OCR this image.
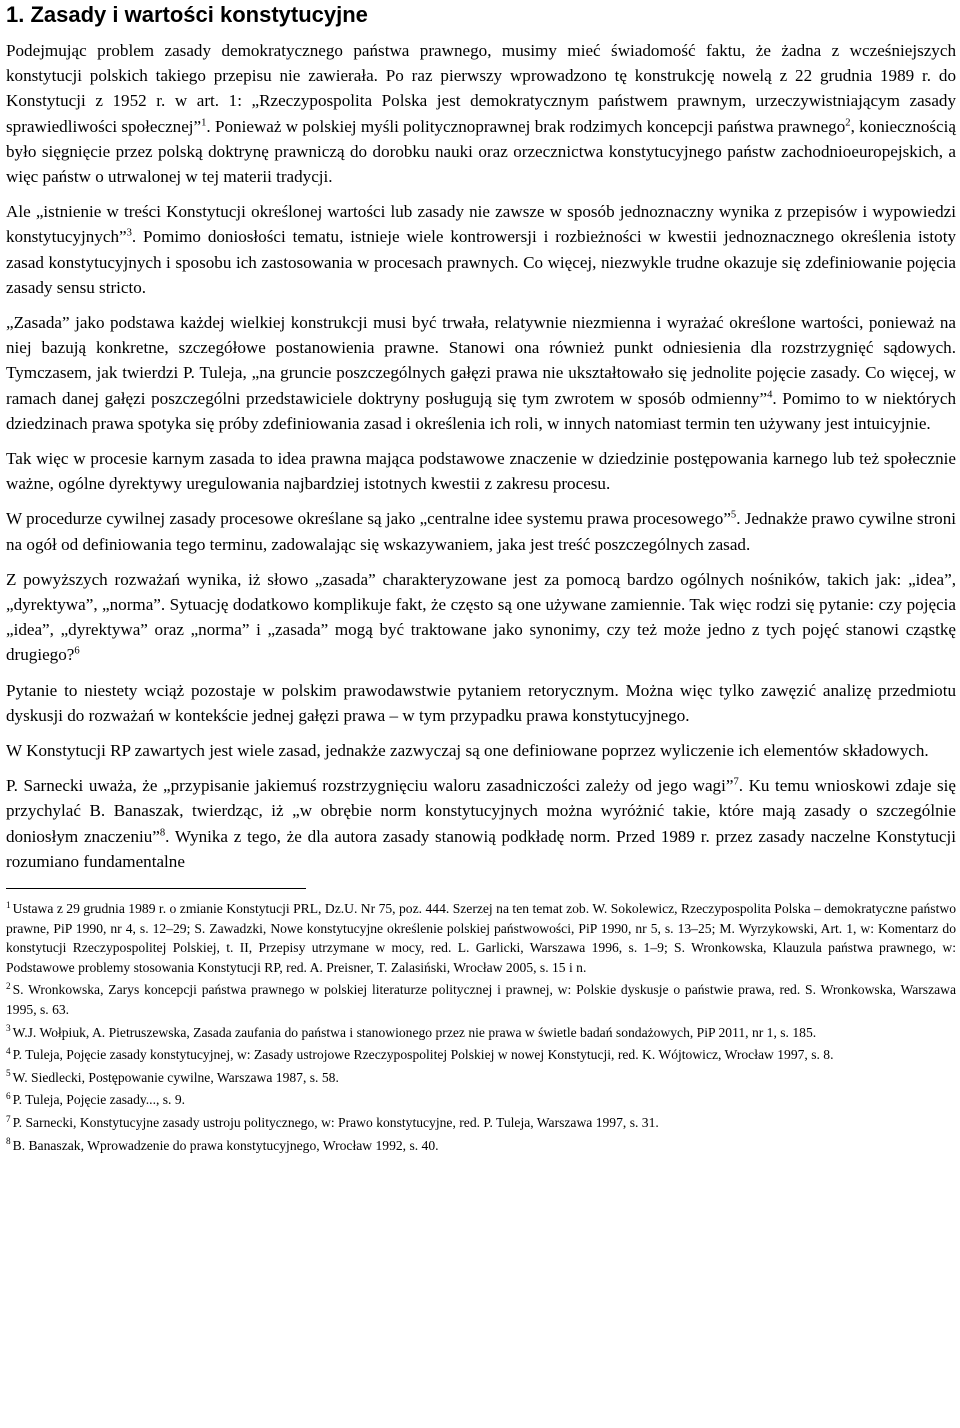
1. Zasady i wartości konstytucyjne

Podejmując problem zasady demokratycznego państwa prawnego, musimy mieć świadomość faktu, że żadna z wcześniejszych konstytucji polskich takiego przepisu nie zawierała. Po raz pierwszy wprowadzono tę konstrukcję nowelą z 22 grudnia 1989 r. do Konstytucji z 1952 r. w art. 1: „Rzeczypospolita Polska jest demokratycznym państwem prawnym, urzeczywistniającym zasady sprawiedliwości społecznej”$^1$. Ponieważ w polskiej myśli politycznoprawnej brak rodzimych koncepcji państwa prawnego$^2$, koniecznością było sięgnięcie przez polską doktrynę prawniczą do dorobku nauki oraz orzecznictwa konstytucyjnego państw zachodnioeuropejskich, a więc państw o utrwalonej w tej materii tradycji.

Ale „istnienie w treści Konstytucji określonej wartości lub zasady nie zawsze w sposób jednoznaczny wynika z przepisów i wypowiedzi konstytucyjnych”$^3$. Pomimo doniosłości tematu, istnieje wiele kontrowersji i rozbieżności w kwestii jednoznacznego określenia istoty zasad konstytucyjnych i sposobu ich zastosowania w procesach prawnych. Co więcej, niezwykle trudne okazuje się zdefiniowanie pojęcia zasady sensu stricto.

„Zasada” jako podstawa każdej wielkiej konstrukcji musi być trwała, relatywnie niezmienna i wyrażać określone wartości, ponieważ na niej bazują konkretne, szczegółowe postanowienia prawne. Stanowi ona również punkt odniesienia dla rozstrzygnięć sądowych. Tymczasem, jak twierdzi P. Tuleja, „na gruncie poszczególnych gałęzi prawa nie ukształtowało się jednolite pojęcie zasady. Co więcej, w ramach danej gałęzi poszczególni przedstawiciele doktryny posługują się tym zwrotem w sposób odmienny”$^4$. Pomimo to w niektórych dziedzinach prawa spotyka się próby zdefiniowania zasad i określenia ich roli, w innych natomiast termin ten używany jest intuicyjnie.

Tak więc w procesie karnym zasada to idea prawna mająca podstawowe znaczenie w dziedzinie postępowania karnego lub też społecznie ważne, ogólne dyrektywy uregulowania najbardziej istotnych kwestii z zakresu procesu.

W procedurze cywilnej zasady procesowe określane są jako „centralne idee systemu prawa procesowego”$^5$. Jednakże prawo cywilne stroni na ogół od definiowania tego terminu, zadowalając się wskazywaniem, jaka jest treść poszczególnych zasad.

Z powyższych rozważań wynika, iż słowo „zasada” charakteryzowane jest za pomocą bardzo ogólnych nośników, takich jak: „idea”, „dyrektywa”, „norma”. Sytuację dodatkowo komplikuje fakt, że często są one używane zamiennie. Tak więc rodzi się pytanie: czy pojęcia „idea”, „dyrektywa” oraz „norma” i „zasada” mogą być traktowane jako synonimy, czy też może jedno z tych pojęć stanowi cząstkę drugiego?$^6$

Pytanie to niestety wciąż pozostaje w polskim prawodawstwie pytaniem retorycznym. Można więc tylko zawęzić analizę przedmiotu dyskusji do rozważań w kontekście jednej gałęzi prawa – w tym przypadku prawa konstytucyjnego.

W Konstytucji RP zawartych jest wiele zasad, jednakże zazwyczaj są one definiowane poprzez wyliczenie ich elementów składowych.

P. Sarnecki uważa, że „przypisanie jakiemuś rozstrzygnięciu waloru zasadniczości zależy od jego wagi”$^7$. Ku temu wnioskowi zdaje się przychylać B. Banaszak, twierdząc, iż „w obrębie norm konstytucyjnych można wyróżnić takie, które mają zasady o szczególnie doniosłym znaczeniu”$^8$. Wynika z tego, że dla autora zasady stanowią podkładę norm. Przed 1989 r. przez zasady naczelne Konstytucji rozumiano fundamentalne

$^1$ Ustawa z 29 grudnia 1989 r. o zmianie Konstytucji PRL, Dz.U. Nr 75, poz. 444. Szerzej na ten temat zob. W. Sokolewicz, Rzeczypospolita Polska – demokratyczne państwo prawne, PiP 1990, nr 4, s. 12–29; S. Zawadzki, Nowe konstytucyjne określenie polskiej państwowości, PiP 1990, nr 5, s. 13–25; M. Wyrzykowski, Art. 1, w: Komentarz do konstytucji Rzeczypospolitej Polskiej, t. II, Przepisy utrzymane w mocy, red. L. Garlicki, Warszawa 1996, s. 1–9; S. Wronkowska, Klauzula państwa prawnego, w: Podstawowe problemy stosowania Konstytucji RP, red. A. Preisner, T. Zalasiński, Wrocław 2005, s. 15 i n.

$^2$ S. Wronkowska, Zarys koncepcji państwa prawnego w polskiej literaturze politycznej i prawnej, w: Polskie dyskusje o państwie prawa, red. S. Wronkowska, Warszawa 1995, s. 63.

$^3$ W.J. Wołpiuk, A. Pietruszewska, Zasada zaufania do państwa i stanowionego przez nie prawa w świetle badań sondażowych, PiP 2011, nr 1, s. 185.

$^4$ P. Tuleja, Pojęcie zasady konstytucyjnej, w: Zasady ustrojowe Rzeczypospolitej Polskiej w nowej Konstytucji, red. K. Wójtowicz, Wrocław 1997, s. 8.

$^5$ W. Siedlecki, Postępowanie cywilne, Warszawa 1987, s. 58.

$^6$ P. Tuleja, Pojęcie zasady..., s. 9.

$^7$ P. Sarnecki, Konstytucyjne zasady ustroju politycznego, w: Prawo konstytucyjne, red. P. Tuleja, Warszawa 1997, s. 31.

$^8$ B. Banaszak, Wprowadzenie do prawa konstytucyjnego, Wrocław 1992, s. 40.
